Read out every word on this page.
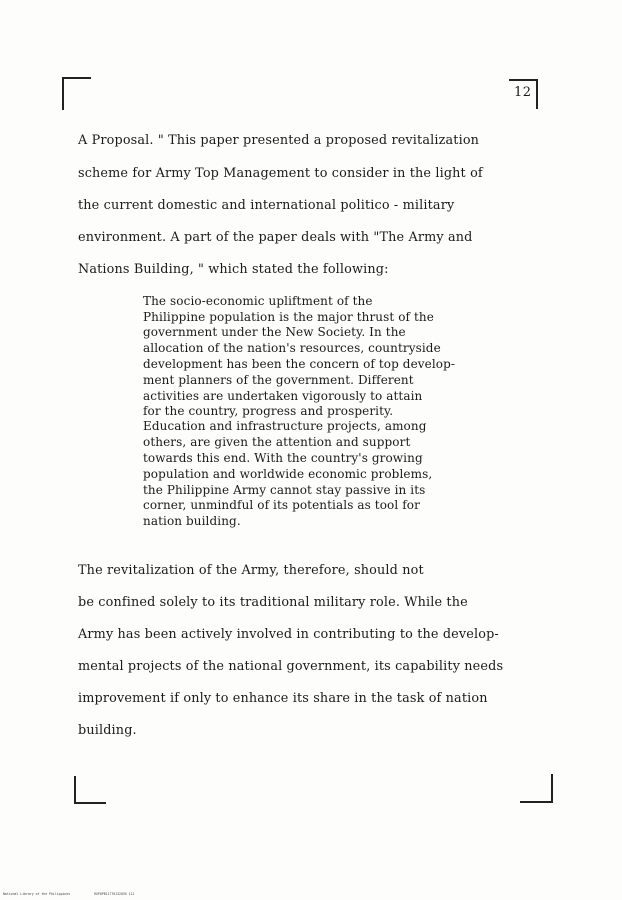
12
A Proposal. " This paper presented a proposed revitalization
scheme for Army Top Management to consider in the light of
the current domestic and international politico - military
environment. A part of the paper deals with "The Army and
Nations Building, " which stated the following:
The socio-economic upliftment of the
Philippine population is the major thrust of the
government under the New Society. In the
allocation of the nation's resources, countryside
development has been the concern of top develop-
ment planners of the government. Different
activities are undertaken vigorously to attain
for the country, progress and prosperity.
Education and infrastructure projects, among
others, are given the attention and support
towards this end. With the country's growing
population and worldwide economic problems,
the Philippine Army cannot stay passive in its
corner, unmindful of its potentials as tool for
nation building.
The revitalization of the Army, therefore, should not
be confined solely to its traditional military role. While the
Army has been actively involved in contributing to the develop-
mental projects of the national government, its capability needs
improvement if only to enhance its share in the task of nation
building.
National Library of the Philippines	RGP0PB1177013203S 112
